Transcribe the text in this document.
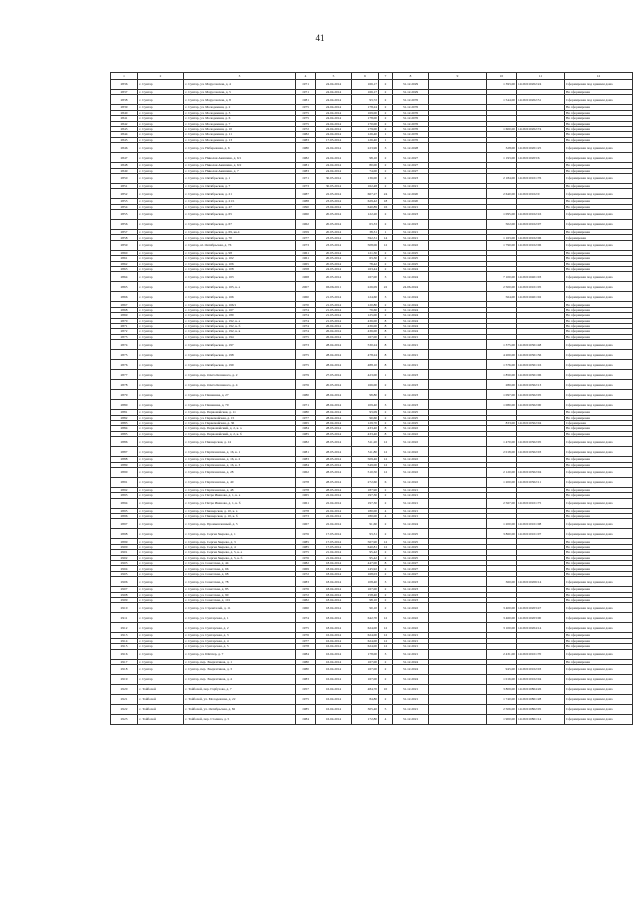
41
1	2	3	4	5	6	7	8	9	10	11	12
2836	с. Сунтар	с. Сунтар, ул. Марусовская, д. 4	1971	24.04.2014	166,17	2	31.12.2029		1 393,00	14:26:010202:24	Сформирован под зданием дома
2837	с. Сунтар	с. Сунтар, ул. Марусовская, д. 5	1971	24.04.2014	166,17	2	31.12.2029				Не сформирован
2838	с. Сунтар	с. Сунтар, ул. Марусовская, д. 8	1981	24.04.2014	93,72	2	31.12.2076		1 544,00	14:26:010202:31	Сформирован под зданием дома
2839	с. Сунтар	с. Сунтар, ул. Молодежная, д. 2	1975	24.04.2014	178,24	2	31.12.2076				Не сформирован
2840	с. Сунтар	с. Сунтар, ул. Молодежная, д. 3	1975	24.04.2014	169,00	2	31.12.2076				Не сформирован
2841	с. Сунтар	с. Сунтар, ул. Молодежная, д. 6	1975	24.04.2014	178,00	2	31.12.2076				Не сформирован
2842	с. Сунтар	с. Сунтар, ул. Молодежная, д. 7	1975	24.04.2014	170,00	2	31.12.2076				Не сформирован
2843	с. Сунтар	с. Сунтар, ул. Молодежная, д. 10	1972	24.04.2014	179,00	2	31.12.2076		1 600,00	14:26:010202:74	Не сформирован
2844	с. Сунтар	с. Сунтар, ул. Молодежная, д. 11	1982	24.04.2014	126,40	1	31.12.2076				Не сформирован
2845	с. Сунтар	с. Сунтар, ул. Молодежная, д. 13	1983	17.05.2014	126,40	1	31.12.2076				Не сформирован
2846	с. Сунтар	с. Сунтар, ул. Набережная, д. 6	1980	24.04.2014	223,96	3	31.12.2028		328,00	14:26:010201:25	Сформирован под зданием дома
2847	с. Сунтар	с. Сунтар, ул. Николая Акишина, д. 6/1	1982	24.04.2014	98,10	2	31.12.2027		1 193,00	14:26:010203:6	Сформирован под зданием дома
2848	с. Сунтар	с. Сунтар, ул. Николая Акишина, д. 6/2	1981	24.04.2014	80,00	2	31.12.2027				Не сформирован
2849	с. Сунтар	с. Сунтар, ул. Николая Акишина, д. 7	1983	24.04.2014	74,00	2	31.12.2027				Не сформирован
2850	с. Сунтар	с. Сунтар, ул. Октябрьская, д. 1	1971	30.05.2014	136,00	2	31.12.2023		2 184,00	14:26:010101:76	Сформирован под зданием дома
2851	с. Сунтар	с. Сунтар, ул. Октябрьская, д. 7	1973	30.05.2014	162,48	2	31.12.2021				Не сформирован
2852	с. Сунтар	с. Сунтар, ул. Октябрьская, д. 21	1987	22.05.2014	667,27	24	31.12.2020		2 640,00	14:26:010102:0	Сформирован под зданием дома
2853	с. Сунтар	с. Сунтар, ул. Октябрьская, д. 21/1	1988	23.05.2014	629,42	18	31.12.2020				Не сформирован
2854	с. Сунтар	с. Сунтар, ул. Октябрьская, д. 47	1990	23.04.2014	640,89	16	31.12.2021				Не сформирован
2855	с. Сунтар	с. Сунтар, ул. Октябрьская, д. 65	1960	20.05.2014	122,20	2	31.12.2023		1 095,00	14:26:010102:16	Сформирован под зданием дома
2856	с. Сунтар	с. Сунтар, ул. Октябрьская, д. 67	1962	20.05.2014	63,33	2	31.12.2023		502,00	14:26:010102:07	Сформирован под зданием дома
2857	с. Сунтар	с. Сунтар, ул. Октябрьская, д. 69, кв.4	1959	20.05.2014	38,31	1	31.12.2021				Не сформирован
2858	с. Сунтар	с. Сунтар, ул. Октябрьская, д. 70	1977	23.05.2014	592,31	14	31.12.2021		1 163,00	14:26:010102:06	Сформирован
2859	с. Сунтар	с. Сунтар, ul. Октябрьская, д. 76	1973	23.05.2014	508,06	12	31.12.2022		1 790,00	14:26:010102:06	Сформирован под зданием дома
2860	с. Сунтар	с. Сунтар, ул. Октябрьская, д. 98	1961	20.05.2014	121,30	2	31.12.2025				Не сформирован
2861	с. Сунтар	с. Сунтар, ул. Октябрьская, д. 102	1961	20.05.2014	63,30	2	31.12.2025				Не сформирован
2862	с. Сунтар	с. Сунтар, ул. Октябрьская, д. 106	1965	20.05.2014	78,42	2	31.12.2025				Не сформирован
2863	с. Сунтар	с. Сунтар, ул. Октябрьская, д. 108	1958	24.05.2014	163,44	2	31.12.2024				Не сформирован
2864	с. Сунтар	с. Сунтар, ул. Октябрьская, д. 163	1968	20.05.2014	167,00	3	31.12.2024		7 100,00	14:26:010401:03	Сформирован под зданием дома
2865	с. Сунтар	с. Сунтар, ул. Октябрьская, д. 165, к. а	2007	06.06.2011	226,09	22	24.06.2024		2 500,00	14:26:010101:05	Сформирован под зданием дома
2866	с. Сунтар	с. Сунтар, ул. Октябрьская, д. 166	1960	21.05.2014	124,60	3	31.12.2024		564,00	14:26:010401:02	Сформирован под зданием дома
2867	с. Сунтар	с. Сунтар, ул. Октябрьская, д. 166/1	1970	21.05.2014	120,80	2	31.12.2024				Не сформирован
2868	с. Сунтар	с. Сунтар, ул. Октябрьская, д. 167	1974	21.05.2014	79,60	2	31.12.2024				Не сформирован
2869	с. Сунтар	с. Сунтар, ул. Октябрьская, д. 189	1974	21.05.2014	125,00	2	31.12.2024				Не сформирован
2870	с. Сунтар	с. Сунтар, ул. Октябрьская, д. 192, к. а	1974	21.05.2014	436,00	8	31.12.2024				Не сформирован
2871	с. Сунтар	с. Сунтар, ул. Октябрьская, д. 192, к. б	1974	26.04.2014	436,00	8	31.12.2024				Не сформирован
2872	с. Сунтар	с. Сунтар, ул. Октябрьская, д. 192, к. в	1974	26.04.2014	436,00	8	31.12.2024				Не сформирован
2873	с. Сунтар	с. Сунтар, ул. Октябрьская, д. 194	1975	26.04.2014	167,00	2	31.12.2021				Не сформирован
2874	с. Сунтар	с. Сунтар, ул. Октябрьская, д. 197	1973	28.04.2014	530,24	8	31.12.2021		1 375,00	14:26:010301:48	Сформирован под зданием дома
2875	с. Сунтар	с. Сунтар, ул. Октябрьская, д. 198	1975	28.04.2014	478,24	8	31.12.2021		4 200,00	14:26:010301:36	Сформирован под зданием дома
2876	с. Сунтар	с. Сунтар, ул. Октябрьская, д. 199	1975	28.04.2014	488,10	8	31.12.2021		1 576,00	14:26:010301:16	Сформирован под зданием дома
2877	с. Сунтар	с. Сунтар, пер. Олега Кошевого, д. 2	1979	27.05.2014	423,00	1	31.12.2023		1 850,00	14:26:010301:06	Сформирован под зданием дома
2878	с. Сунтар	с. Сунтар, пер. Олега Кошевого, д. 4	1976	20.05.2014	166,00	2	31.12.2023		280,00	14:26:010302:13	Сформирован под зданием дома
2879	с. Сунтар	с. Сунтар, ул. Пашенная, д. 27	1980	28.04.2014	98,80	2	31.12.2023		1 097,00	14:26:010302:05	Сформирован под зданием дома
2880	с. Сунтар	с. Сунтар, ул. Пашенная, д. 70	1971	28.04.2014	109,40	3	31.12.2023		1 080,00	14:26:010302:00	Сформирован под зданием дома
2881	с. Сунтар	с. Сунтар, пер. Первомайская, д. 11	1980	28.04.2014	93,09	2	31.12.2025				Не сформирован
2882	с. Сунтар	с. Сунтар, ул. Первомайская, д. 15	1977	28.04.2014	90,60	2	31.12.2025				Не сформирован
2883	с. Сунтар	с. Сунтар, ул. Первомайская, д. 36	1965	28.04.2014	129,70	2	31.12.2025		833,00	14:26:010302:04	Сформирован
2884	с. Сунтар	с. Сунтар, пер. Первомайский, д. 2, к. а	1984	28.05.2014	433,40	8	31.12.2022				Не сформирован
2885	с. Сунтар	с. Сунтар, пер. Первомайский, д. 2, к. б	1985	28.05.2014	433,40	8	31.12.2022				Не сформирован
2886	с. Сунтар	с. Сунтар, ул. Пионерская, д. 14	1982	28.05.2014	511,20	12	31.12.2022		1 470,00	14:26:010302:05	Сформирован под зданием дома
2887	с. Сунтар	с. Сунтар, ул. Партизанская, д. 16, к. 1	1981	28.05.2014	511,80	12	31.12.2022		2 018,00	14:26:010302:03	Сформирован под зданием дома
2888	с. Сунтар	с. Сунтар, ул. Партизанская, д. 16, к. 2	1983	28.05.2014	509,46	12	31.12.2022				Не сформирован
2889	с. Сунтар	с. Сунтар, ул. Партизанская, д. 16, к. 3	1984	28.05.2014	549,00	12	31.12.2022				Не сформирован
2890	с. Сунтар	с. Сунтар, ул. Партизанская, д. 28	1962	28.05.2014	510,50	12	31.12.2022		2 120,00	14:26:010302:04	Сформирован под зданием дома
2891	с. Сунтар	с. Сунтар, ул. Партизанская, д. 40	1978	28.05.2014	272,60	6	31.12.2022		1 200,00	14:26:010302:11	Сформирован под зданием дома
2892	с. Сунтар	с. Сунтар, ул. Партизанская, д. 48	1978	28.05.2014	187,90	2	31.12.2021				Не сформирован
2893	с. Сунтар	с. Сунтар, ул. Петра Иванова, д. 1, к. а	1965	22.04.2014	197,30	2	31.12.2021				Не сформирован
2894	с. Сунтар	с. Сунтар, ул. Петра Иванова, д. 1, к. б	1961	22.04.2014	197,30	2	31.12.2021		2 567,00	14:26:010101:75	Сформирован под зданием дома
2895	с. Сунтар	с. Сунтар, ул. Пионерская, д. 10, к. а	1978	22.04.2014	180,00	4	31.12.2021				Не сформирован
2896	с. Сунтар	с. Сунтар, ул. Пионерская, д. 10, к. б	1973	22.04.2014	180,00	4	31.12.2021				Не сформирован
2897	с. Сунтар	с. Сунтар, пер. Промышленный, д. 5	1967	22.04.2014	91,60	2	31.12.2024		1 200,00	14:26:010101:08	Сформирован под зданием дома
2898	с. Сунтар	с. Сунтар, пер. Сергея Зверева, д. 1	1976	17.05.2014	93,31	2	31.12.2025		3 860,00	14:26:010101:07	Сформирован под зданием дома
2899	с. Сунтар	с. Сунтар, пер. Сергея Зверева, д. 3	1985	17.05.2014	567,90	12	31.12.2025				Не сформирован
2900	с. Сунтар	с. Сунтар, пер. Сергея Зверева, д. 4	1985	17.05.2014	640,81	12	31.12.2025				Не сформирован
2901	с. Сунтар	с. Сунтар, пер. Сергея Зверева, д. 5, к. а	1975	21.04.2014	95,42	2	31.12.2025				Не сформирован
2902	с. Сунтар	с. Сунтар, пер. Сергея Зверева, д. 5, к. б	1976	21.04.2014	95,42	2	31.12.2025				Не сформирован
2903	с. Сунтар	с. Сунтар, ул. Советская, д. 44	1982	18.04.2014	447,00	8	31.12.2027				Не сформирован
2904	с. Сунтар	с. Сунтар, ул. Советская, д. 66	1969	18.04.2014	145,92	2	31.12.2027				Не сформирован
2905	с. Сунтар	с. Сунтар, ул. Советская, д. 68	1972	18.04.2014	168,03	2	31.12.2027				Не сформирован
2906	с. Сунтар	с. Сунтар, ул. Советская, д. 78	1983	18.04.2014	108,40	3	31.12.2023		360,00	14:26:010206:14	Сформирован под зданием дома
2907	с. Сунтар	с. Сунтар, ул. Советская, д. 85	1976	18.04.2014	167,00	2	31.12.2023				Не сформирован
2908	с. Сунтар	с. Сунтар, ул. Советская, д. 90	1972	18.04.2014	158,40	2	31.12.2023				Не сформирован
2909	с. Сунтар	с. Сунтар, ул. Советская, д. 101	1982	18.04.2014	98,10	2	31.12.2023				Не сформирован
2910	с. Сунтар	с. Сунтар, ул. Строителей, д. 11	1960	18.04.2014	90,10	2	31.12.2022		3 400,00	14:26:010203:47	Сформирован под зданием дома
2911	с. Сунтар	с. Сунтар, ул. Сунтарская, д. 1	1974	18.04.2014	642,70	12	31.12.2022		3 460,00	14:26:010203:00	Сформирован под зданием дома
2912	с. Сунтар	с. Сунтар, ул. Сунтарская, д. 2	1975	18.04.2014	624,00	12	31.12.2022		3 100,00	14:26:010204:14	Сформирован под зданием дома
2913	с. Сунтар	с. Сунтар, ул. Сунтарская, д. 3	1976	16.04.2014	624,00	12	31.12.2021				Не сформирован
2914	с. Сунтар	с. Сунтар, ул. Сунтарская, д. 4	1977	16.04.2014	624,00	12	31.12.2021				Не сформирован
2915	с. Сунтар	с. Сунтар, ул. Сунтарская, д. 5	1978	16.04.2014	624,00	12	31.12.2021				Не сформирован
2916	с. Сунтар	с. Сунтар, ул. Шахтер, д. 7	1984	16.04.2014	178,00	3	31.12.2021		2 431,00	14:26:010101:70	Сформирован под зданием дома
2917	с. Сунтар	с. Сунтар, пер. Энергетиков, д. 1	1980	16.04.2014	167,00	2	31.12.2024				Не сформирован
2918	с. Сунтар	с. Сунтар, пер. Энергетиков, д. 3	1980	16.04.2014	167,00	2	31.12.2024		945,00	14:26:010102:03	Сформирован под зданием дома
2919	с. Сунтар	с. Сунтар, пер. Энергетиков, д. 4	1983	16.04.2014	167,00	2	31.12.2024		1 016,00	14:26:010102:04	Сформирован под зданием дома
2920	с. Тойбохой	с. Тойбохой, пер. Гарбузова, д. 7	1957	16.04.2014	484,70	10	31.12.2021		3 809,00	14:26:010804:26	Сформирован под зданием дома
2921	с. Тойбохой	с. Тойбохой, ул. Молодежная, д. 22	1975	16.04.2014	84,80	2	31.12.2021		1 740,00	14:26:010801:28	Сформирован под зданием дома
2922	с. Тойбохой	с. Тойбохой, ул. Октябрьская, д. 82	1985	16.04.2014	305,40	5	31.12.2021		2 506,00	14:26:010802:05	Сформирован под зданием дома
2923	с. Тойбохой	с. Тойбохой, пер. Сталина, д. 5	1984	16.04.2014	172,80	4	31.12.2021		1 900,00	14:26:010801:14	Сформирован под зданием дома
